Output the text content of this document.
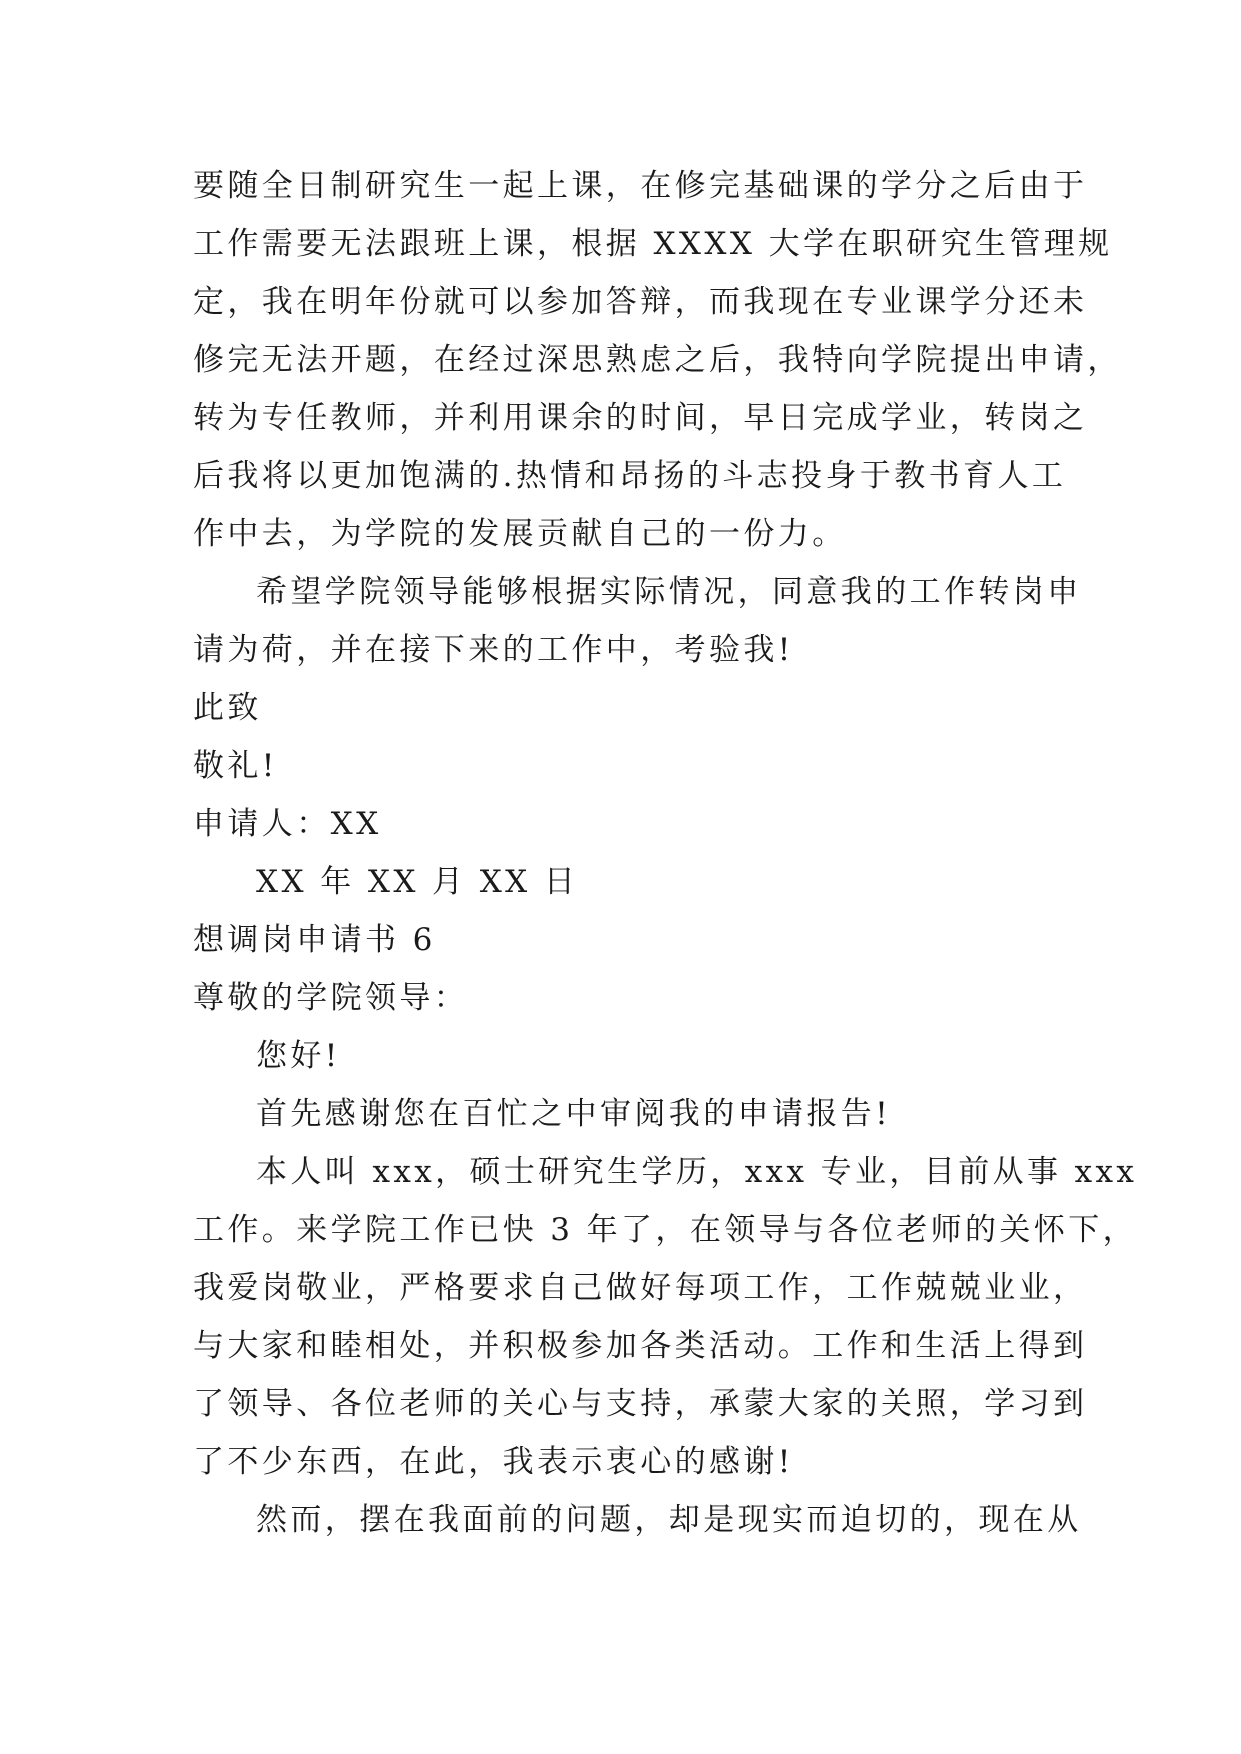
要随全日制研究生一起上课，在修完基础课的学分之后由于
工作需要无法跟班上课，根据 XXXX 大学在职研究生管理规
定，我在明年份就可以参加答辩，而我现在专业课学分还未
修完无法开题，在经过深思熟虑之后，我特向学院提出申请，
转为专任教师，并利用课余的时间，早日完成学业，转岗之
后我将以更加饱满的.热情和昂扬的斗志投身于教书育人工
作中去，为学院的发展贡献自己的一份力。
希望学院领导能够根据实际情况，同意我的工作转岗申
请为荷，并在接下来的工作中，考验我!
此致
敬礼!
申请人：XX
XX 年 XX 月 XX 日
想调岗申请书 6
尊敬的学院领导：
您好!
首先感谢您在百忙之中审阅我的申请报告!
本人叫 xxx，硕士研究生学历，xxx 专业，目前从事 xxx
工作。来学院工作已快 3 年了，在领导与各位老师的关怀下，
我爱岗敬业，严格要求自己做好每项工作，工作兢兢业业，
与大家和睦相处，并积极参加各类活动。工作和生活上得到
了领导、各位老师的关心与支持，承蒙大家的关照，学习到
了不少东西，在此，我表示衷心的感谢!
然而，摆在我面前的问题，却是现实而迫切的，现在从
